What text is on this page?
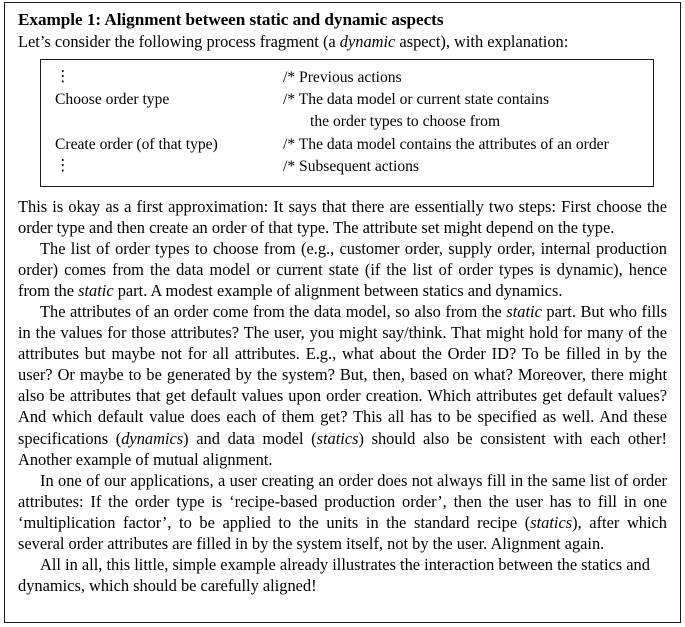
Example 1: Alignment between static and dynamic aspects
Let’s consider the following process fragment (a dynamic aspect), with explanation:
⋮	/* Previous actions
Choose order type	/* The data model or current state contains
the order types to choose from
Create order (of that type)	/* The data model contains the attributes of an order
⋮	/* Subsequent actions

This is okay as a first approximation: It says that there are essentially two steps: First choose the order type and then create an order of that type. The attribute set might depend on the type.

The list of order types to choose from (e.g., customer order, supply order, internal production order) comes from the data model or current state (if the list of order types is dynamic), hence from the static part. A modest example of alignment between statics and dynamics.

The attributes of an order come from the data model, so also from the static part. But who fills in the values for those attributes? The user, you might say/think. That might hold for many of the attributes but maybe not for all attributes. E.g., what about the Order ID? To be filled in by the user? Or maybe to be generated by the system? But, then, based on what? Moreover, there might also be attributes that get default values upon order creation. Which attributes get default values? And which default value does each of them get? This all has to be specified as well. And these specifications (dynamics) and data model (statics) should also be consistent with each other! Another example of mutual alignment.

In one of our applications, a user creating an order does not always fill in the same list of order attributes: If the order type is ‘recipe-based production order’, then the user has to fill in one ‘multiplication factor’, to be applied to the units in the standard recipe (statics), after which several order attributes are filled in by the system itself, not by the user. Alignment again.

All in all, this little, simple example already illustrates the interaction between the statics and dynamics, which should be carefully aligned!
